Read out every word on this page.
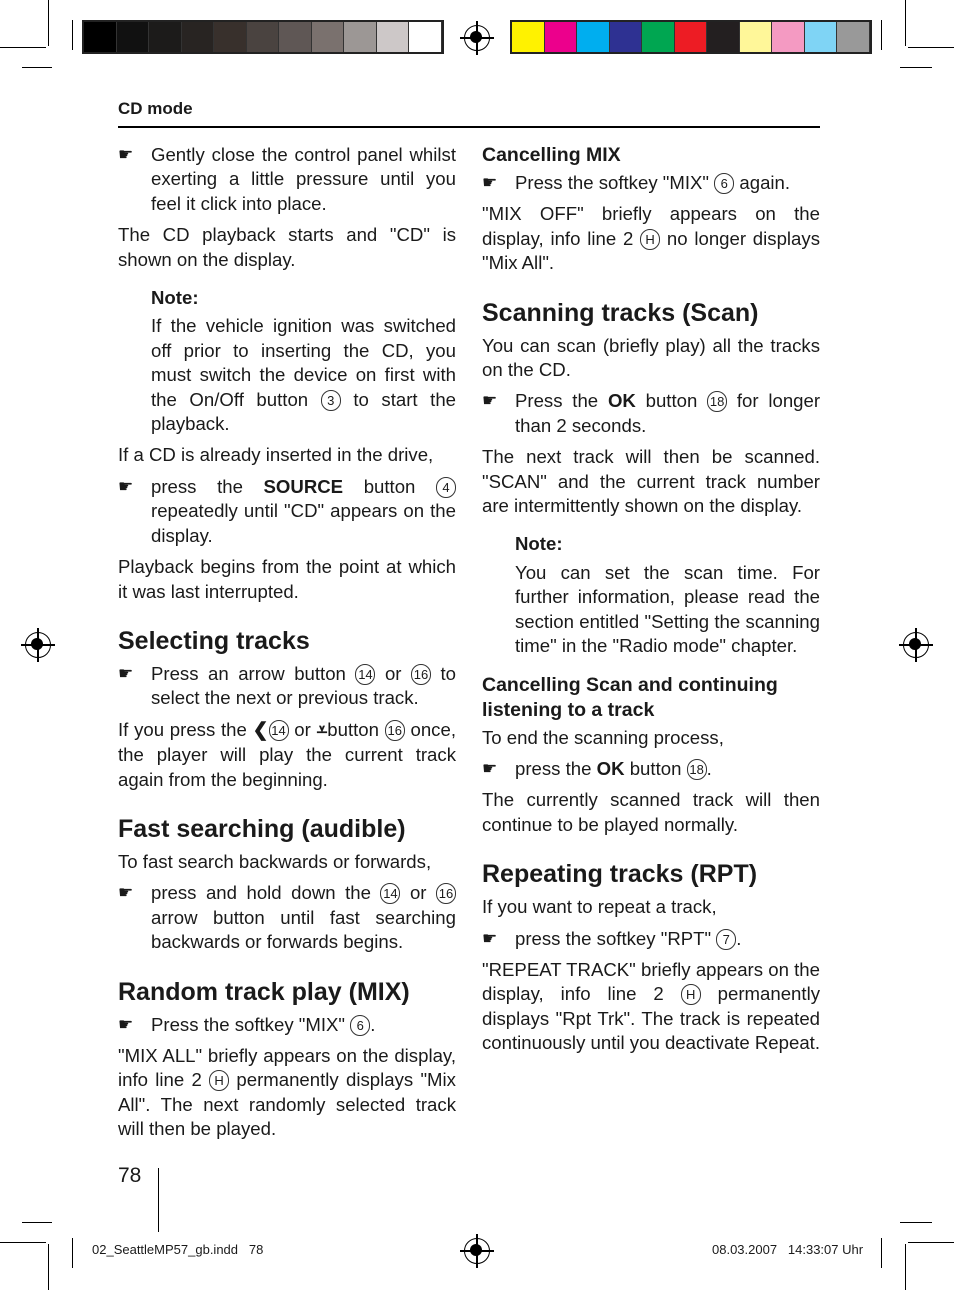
CD mode
☛ Gently close the control panel whilst exerting a little pressure until you feel it click into place.

The CD playback starts and "CD" is shown on the display.

Note:
If the vehicle ignition was switched off prior to inserting the CD, you must switch the device on first with the On/Off button 3 to start the playback.

If a CD is already inserted in the drive,

☛ press the SOURCE button 4 repeatedly until "CD" appears on the display.

Playback begins from the point at which it was last interrupted.

Selecting tracks
☛ Press an arrow button 14 or 16 to select the next or previous track.

If you press the ❮ 14 or ⩡button 16 once, the player will play the current track again from the beginning.

Fast searching (audible)

To fast search backwards or forwards,

☛ press and hold down the 14 or 16 arrow button until fast searching backwards or forwards begins.
Random track play (MIX)
☛ Press the softkey "MIX" 6 .

"MIX ALL" briefly appears on the display, info line 2 H permanently displays "Mix All". The next randomly selected track will then be played.

Cancelling MIX
☛ Press the softkey "MIX" 6 again.

"MIX OFF" briefly appears on the display, info line 2 H no longer displays "Mix All".

Scanning tracks (Scan)

You can scan (briefly play) all the tracks on the CD.

☛ Press the OK button 18 for longer than 2 seconds.

The next track will then be scanned. "SCAN" and the current track number are intermittently shown on the display.

Note:
You can set the scan time. For further information, please read the section entitled "Setting the scanning time" in the "Radio mode" chapter.
Cancelling Scan and continuing listening to a track

To end the scanning process,

☛ press the OK button 18 .

The currently scanned track will then continue to be played normally.

Repeating tracks (RPT)

If you want to repeat a track,

☛ press the softkey "RPT" 7 .

"REPEAT TRACK" briefly appears on the display, info line 2 H permanently displays "Rpt Trk". The track is repeated continuously until you deactivate Repeat.

78
02_SeattleMP57_gb.indd   78	08.03.2007   14:33:07 Uhr
